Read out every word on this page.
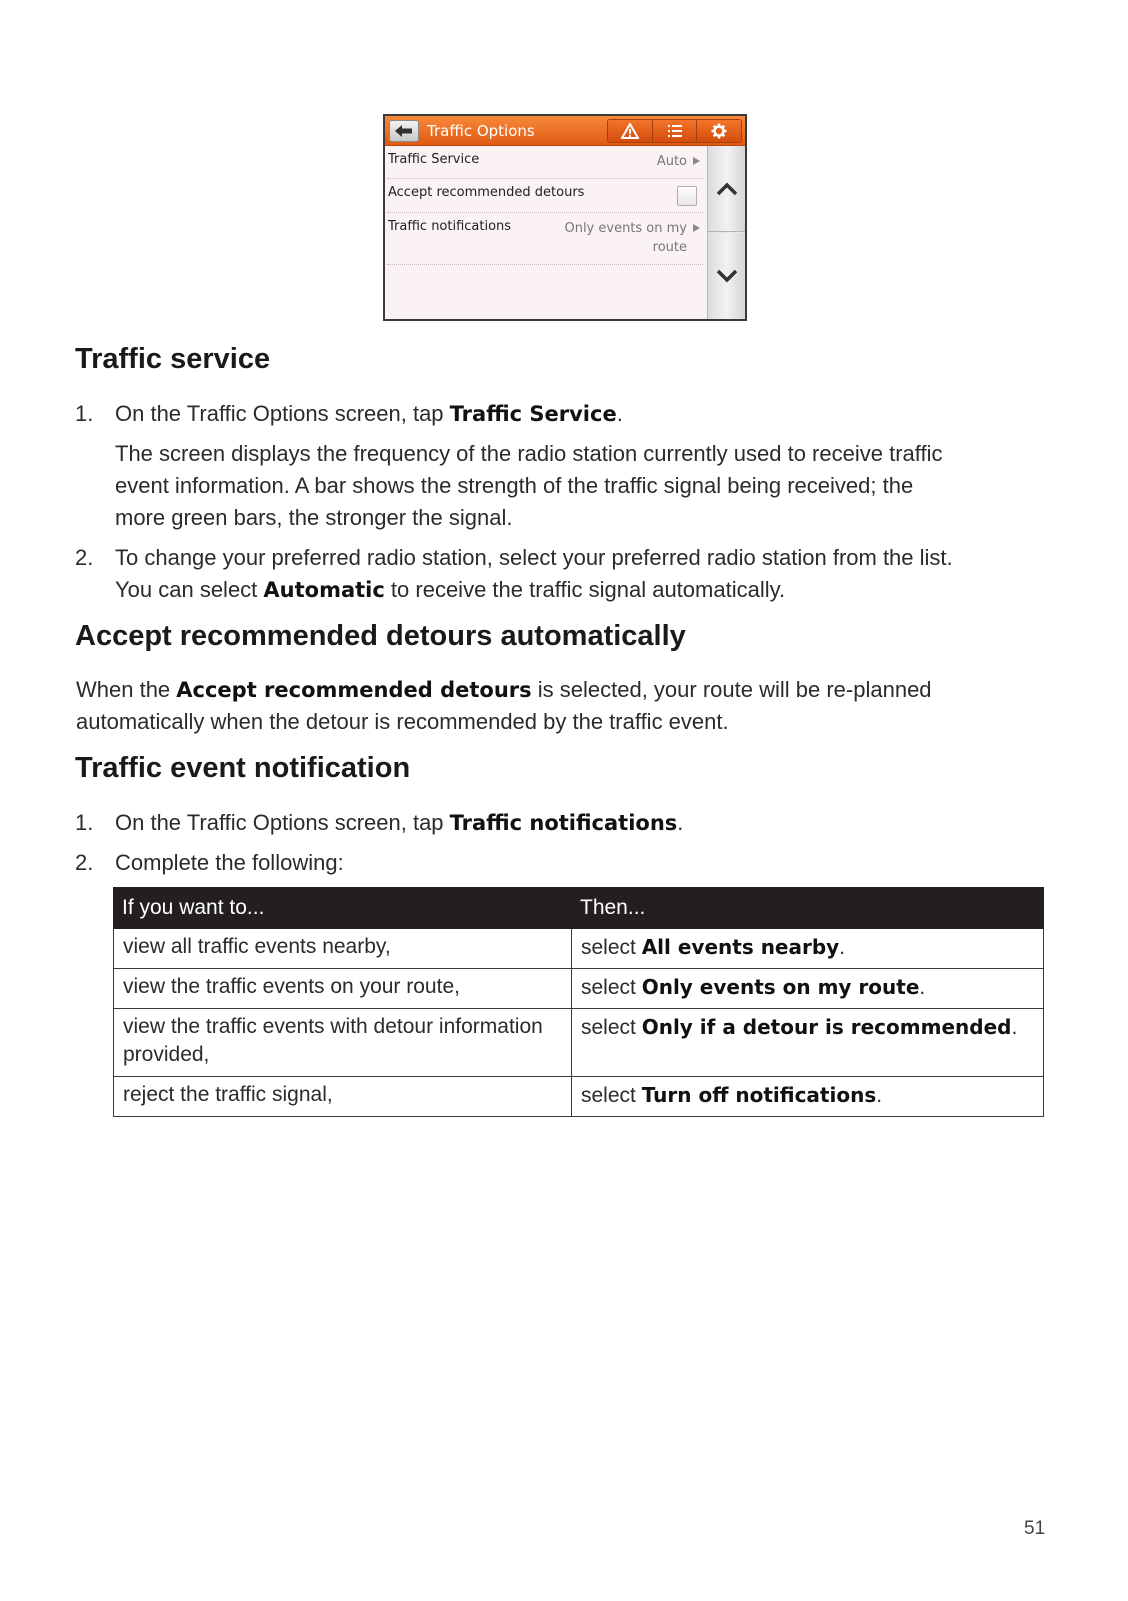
Traffic Options
Traffic Service	Auto
Accept recommended detours
Traffic notifications	Only events on my
route
Traffic service
1. On the Traffic Options screen, tap Traffic Service.
The screen displays the frequency of the radio station currently used to receive traffic
event information. A bar shows the strength of the traffic signal being received; the
more green bars, the stronger the signal.
2. To change your preferred radio station, select your preferred radio station from the list.
You can select Automatic to receive the traffic signal automatically.
Accept recommended detours automatically
When the Accept recommended detours is selected, your route will be re-planned
automatically when the detour is recommended by the traffic event.
Traffic event notification
1. On the Traffic Options screen, tap Traffic notifications.
2. Complete the following:
If you want to...	Then...
view all traffic events nearby,	select All events nearby.
view the traffic events on your route,	select Only events on my route.
view the traffic events with detour information provided,	select Only if a detour is recommended.
reject the traffic signal,	select Turn off notifications.
51
